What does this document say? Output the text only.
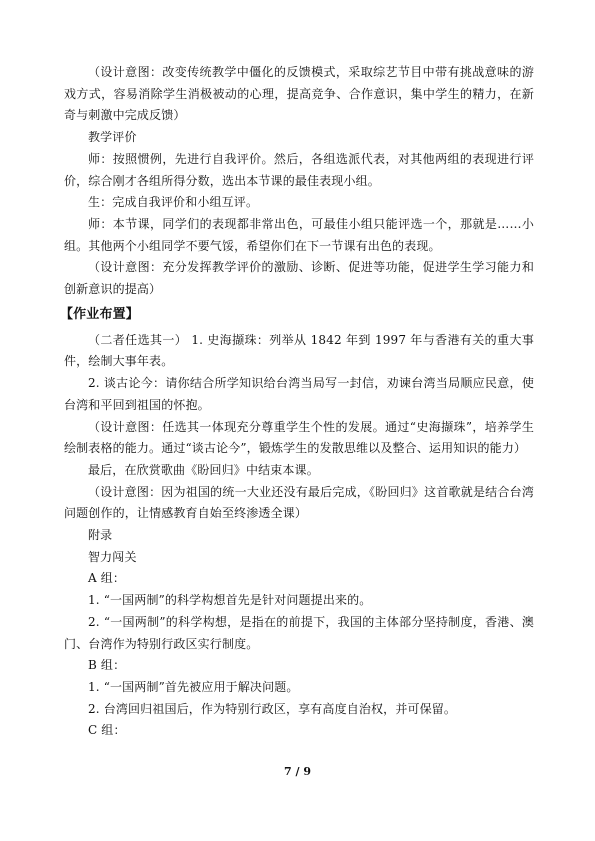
（设计意图：改变传统教学中僵化的反馈模式，采取综艺节目中带有挑战意味的游戏方式，容易消除学生消极被动的心理，提高竞争、合作意识，集中学生的精力，在新奇与刺激中完成反馈）

教学评价

师：按照惯例，先进行自我评价。然后，各组选派代表，对其他两组的表现进行评价，综合刚才各组所得分数，选出本节课的最佳表现小组。

生：完成自我评价和小组互评。

师：本节课，同学们的表现都非常出色，可最佳小组只能评选一个，那就是……小组。其他两个小组同学不要气馁，希望你们在下一节课有出色的表现。

（设计意图：充分发挥教学评价的激励、诊断、促进等功能，促进学生学习能力和创新意识的提高）

【作业布置】

（二者任选其一） 1. 史海撷珠：列举从 1842 年到 1997 年与香港有关的重大事件，绘制大事年表。

2. 谈古论今：请你结合所学知识给台湾当局写一封信，劝谏台湾当局顺应民意，使台湾和平回到祖国的怀抱。

（设计意图：任选其一体现充分尊重学生个性的发展。通过“史海撷珠”，培养学生绘制表格的能力。通过“谈古论今”，锻炼学生的发散思维以及整合、运用知识的能力）

最后，在欣赏歌曲《盼回归》中结束本课。

（设计意图：因为祖国的统一大业还没有最后完成，《盼回归》这首歌就是结合台湾问题创作的，让情感教育自始至终渗透全课）

附录

智力闯关

A 组：

1. “一国两制”的科学构想首先是针对问题提出来的。

2. “一国两制”的科学构想，是指在的前提下，我国的主体部分坚持制度，香港、澳门、台湾作为特别行政区实行制度。

B 组：

1. “一国两制”首先被应用于解决问题。

2. 台湾回归祖国后，作为特别行政区，享有高度自治权，并可保留。

C 组：

7 / 9
